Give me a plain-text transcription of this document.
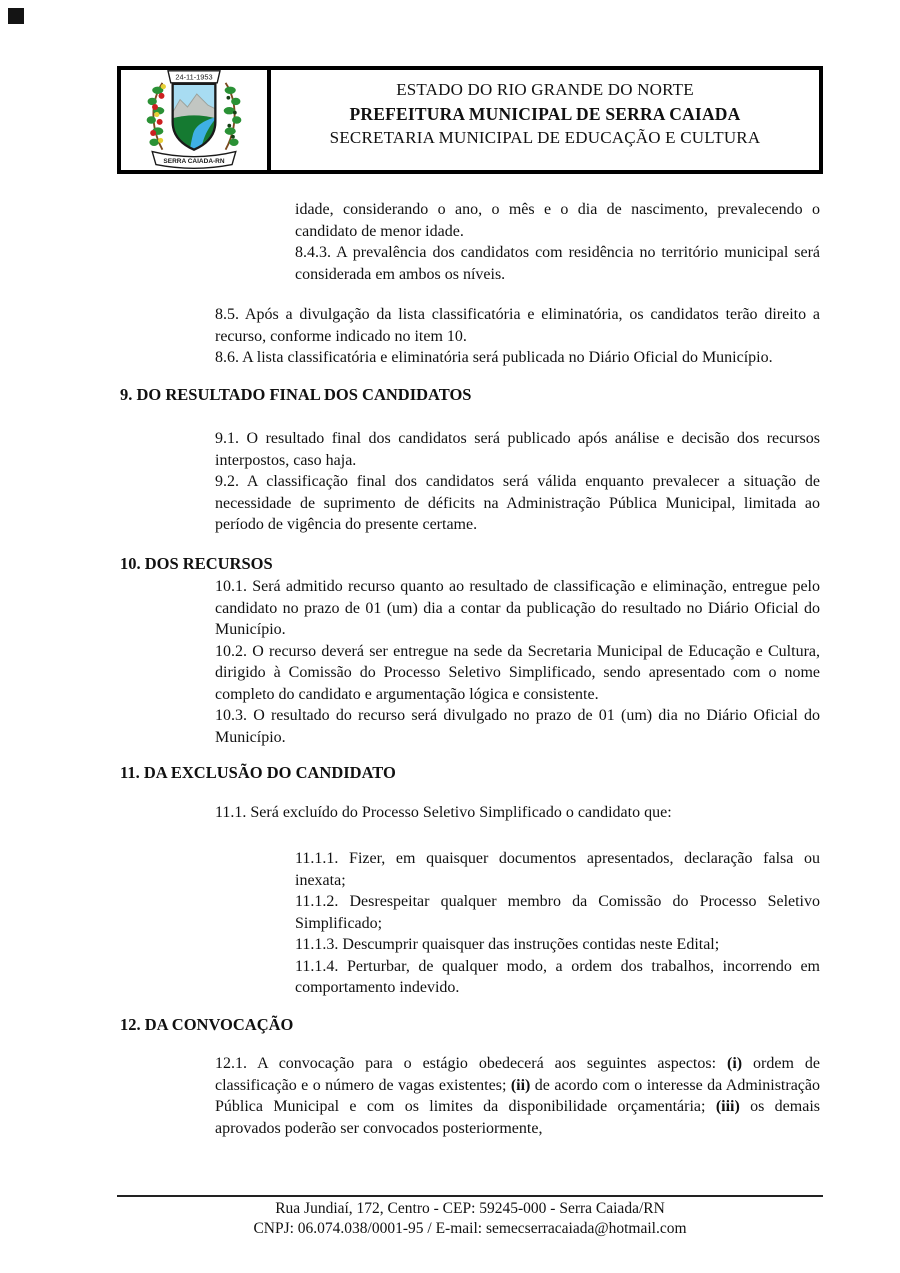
24-11-1953
SERRA CAIADA-RN
ESTADO DO RIO GRANDE DO NORTE
PREFEITURA MUNICIPAL DE SERRA CAIADA
SECRETARIA MUNICIPAL DE EDUCAÇÃO E CULTURA

idade, considerando o ano, o mês e o dia de nascimento, prevalecendo o candidato de menor idade.

8.4.3. A prevalência dos candidatos com residência no território municipal será considerada em ambos os níveis.

8.5. Após a divulgação da lista classificatória e eliminatória, os candidatos terão direito a recurso, conforme indicado no item 10.

8.6. A lista classificatória e eliminatória será publicada no Diário Oficial do Município.

9. DO RESULTADO FINAL DOS CANDIDATOS

9.1. O resultado final dos candidatos será publicado após análise e decisão dos recursos interpostos, caso haja.

9.2. A classificação final dos candidatos será válida enquanto prevalecer a situação de necessidade de suprimento de déficits na Administração Pública Municipal, limitada ao período de vigência do presente certame.

10. DOS RECURSOS

10.1. Será admitido recurso quanto ao resultado de classificação e eliminação, entregue pelo candidato no prazo de 01 (um) dia a contar da publicação do resultado no Diário Oficial do Município.

10.2. O recurso deverá ser entregue na sede da Secretaria Municipal de Educação e Cultura, dirigido à Comissão do Processo Seletivo Simplificado, sendo apresentado com o nome completo do candidato e argumentação lógica e consistente.

10.3. O resultado do recurso será divulgado no prazo de 01 (um) dia no Diário Oficial do Município.

11. DA EXCLUSÃO DO CANDIDATO

11.1. Será excluído do Processo Seletivo Simplificado o candidato que:

11.1.1. Fizer, em quaisquer documentos apresentados, declaração falsa ou inexata;

11.1.2. Desrespeitar qualquer membro da Comissão do Processo Seletivo Simplificado;

11.1.3. Descumprir quaisquer das instruções contidas neste Edital;

11.1.4. Perturbar, de qualquer modo, a ordem dos trabalhos, incorrendo em comportamento indevido.

12. DA CONVOCAÇÃO

12.1. A convocação para o estágio obedecerá aos seguintes aspectos: (i) ordem de classificação e o número de vagas existentes; (ii) de acordo com o interesse da Administração Pública Municipal e com os limites da disponibilidade orçamentária; (iii) os demais aprovados poderão ser convocados posteriormente,

Rua Jundiaí, 172, Centro - CEP: 59245-000 - Serra Caiada/RN
CNPJ: 06.074.038/0001-95 / E-mail: semecserracaiada@hotmail.com
